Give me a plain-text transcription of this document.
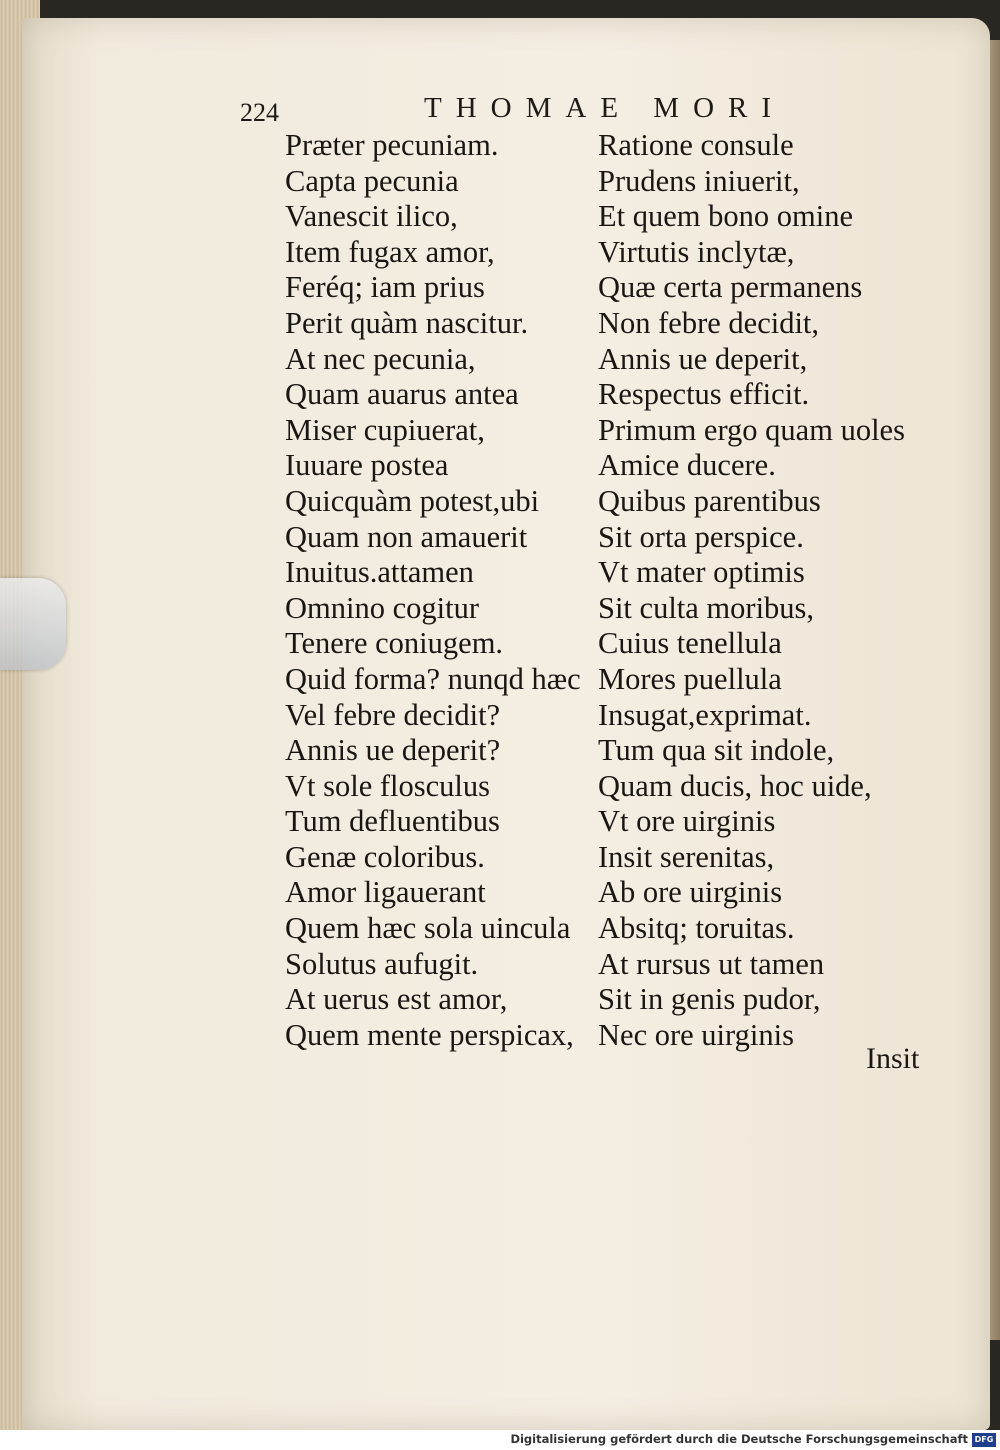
224	THOMAE MORI
Præter pecuniam.
Capta pecunia
Vanescit ilico,
Item fugax amor,
Feréq; iam prius
Perit quàm nascitur.
At nec pecunia,
Quam auarus antea
Miser cupiuerat,
Iuuare postea
Quicquàm potest,ubi
Quam non amauerit
Inuitus.attamen
Omnino cogitur
Tenere coniugem.
Quid forma? nunqd hæc
Vel febre decidit?
Annis ue deperit?
Vt sole flosculus
Tum defluentibus
Genæ coloribus.
Amor ligauerant
Quem hæc sola uincula
Solutus aufugit.
At uerus est amor,
Quem mente perspicax,
Ratione consule
Prudens iniuerit,
Et quem bono omine
Virtutis inclytæ,
Quæ certa permanens
Non febre decidit,
Annis ue deperit,
Respectus efficit.
Primum ergo quam uoles
Amice ducere.
Quibus parentibus
Sit orta perspice.
Vt mater optimis
Sit culta moribus,
Cuius tenellula
Mores puellula
Insugat,exprimat.
Tum qua sit indole,
Quam ducis, hoc uide,
Vt ore uirginis
Insit serenitas,
Ab ore uirginis
Absitq; toruitas.
At rursus ut tamen
Sit in genis pudor,
Nec ore uirginis
Insit
Digitalisierung gefördert durch die Deutsche Forschungsgemeinschaft DFG
